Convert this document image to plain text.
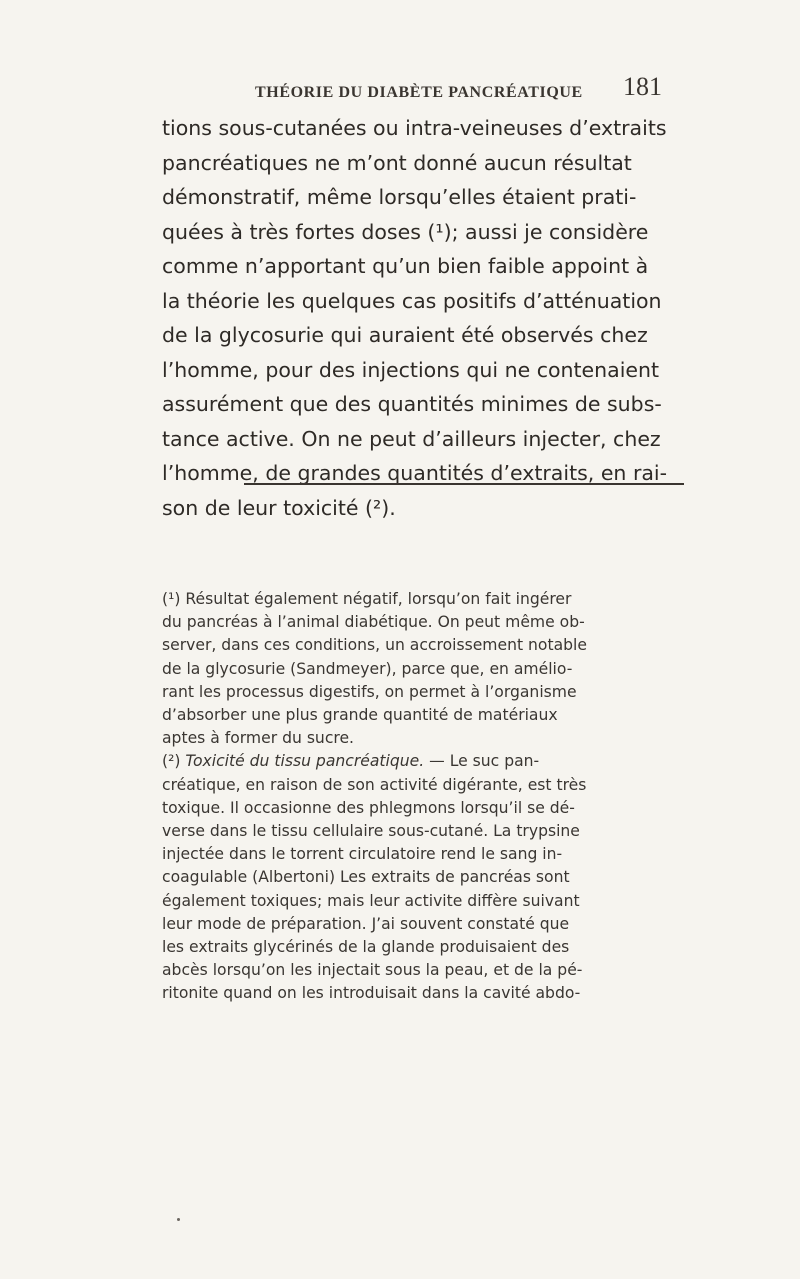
THÉORIE DU DIABÈTE PANCRÉATIQUE 181
tions sous-cutanées ou intra-veineuses d’extraits
pancréatiques ne m’ont donné aucun résultat
démonstratif, même lorsqu’elles étaient prati-
quées à très fortes doses (¹); aussi je considère
comme n’apportant qu’un bien faible appoint à
la théorie les quelques cas positifs d’atténuation
de la glycosurie qui auraient été observés chez
l’homme, pour des injections qui ne contenaient
assurément que des quantités minimes de subs-
tance active. On ne peut d’ailleurs injecter, chez
l’homme, de grandes quantités d’extraits, en rai-
son de leur toxicité (²).
(¹) Résultat également négatif, lorsqu’on fait ingérer
du pancréas à l’animal diabétique. On peut même ob-
server, dans ces conditions, un accroissement notable
de la glycosurie (Sandmeyer), parce que, en amélio-
rant les processus digestifs, on permet à l’organisme
d’absorber une plus grande quantité de matériaux
aptes à former du sucre.
(²) Toxicité du tissu pancréatique. — Le suc pan-
créatique, en raison de son activité digérante, est très
toxique. Il occasionne des phlegmons lorsqu’il se dé-
verse dans le tissu cellulaire sous-cutané. La trypsine
injectée dans le torrent circulatoire rend le sang in-
coagulable (Albertoni) Les extraits de pancréas sont
également toxiques; mais leur activite diffère suivant
leur mode de préparation. J’ai souvent constaté que
les extraits glycérinés de la glande produisaient des
abcès lorsqu’on les injectait sous la peau, et de la pé-
ritonite quand on les introduisait dans la cavité abdo-
